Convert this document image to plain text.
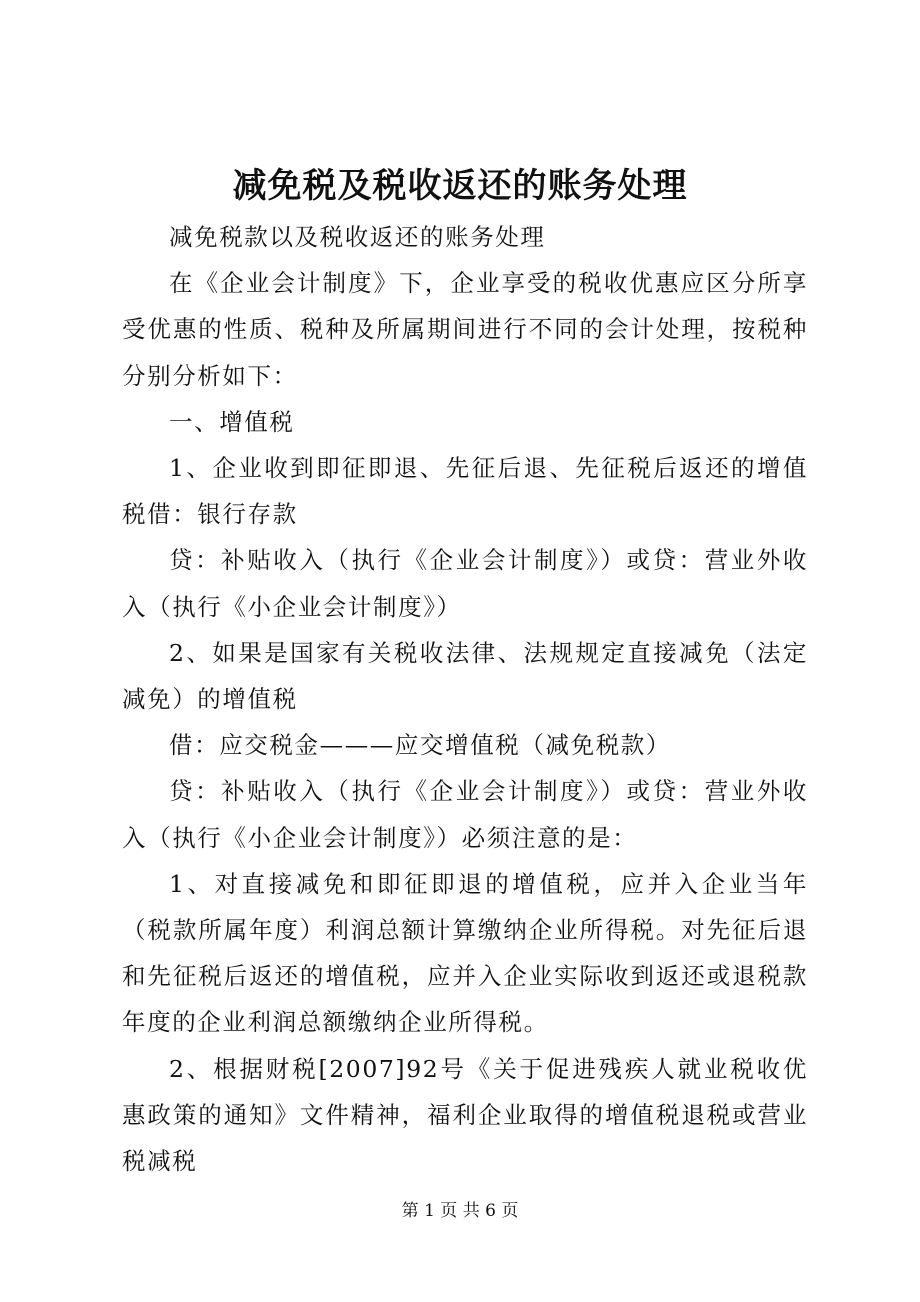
减免税及税收返还的账务处理

减免税款以及税收返还的账务处理

在《企业会计制度》下，企业享受的税收优惠应区分所享受优惠的性质、税种及所属期间进行不同的会计处理，按税种分别分析如下：

一、增值税

1、企业收到即征即退、先征后退、先征税后返还的增值税借：银行存款

贷：补贴收入（执行《企业会计制度》）或贷：营业外收入（执行《小企业会计制度》）

2、如果是国家有关税收法律、法规规定直接减免（法定减免）的增值税

借：应交税金———应交增值税（减免税款）

贷：补贴收入（执行《企业会计制度》）或贷：营业外收入（执行《小企业会计制度》）必须注意的是：

1、对直接减免和即征即退的增值税，应并入企业当年（税款所属年度）利润总额计算缴纳企业所得税。对先征后退和先征税后返还的增值税，应并入企业实际收到返还或退税款年度的企业利润总额缴纳企业所得税。

2、根据财税[2007]92号《关于促进残疾人就业税收优惠政策的通知》文件精神，福利企业取得的增值税退税或营业税减税

第 1 页 共 6 页
